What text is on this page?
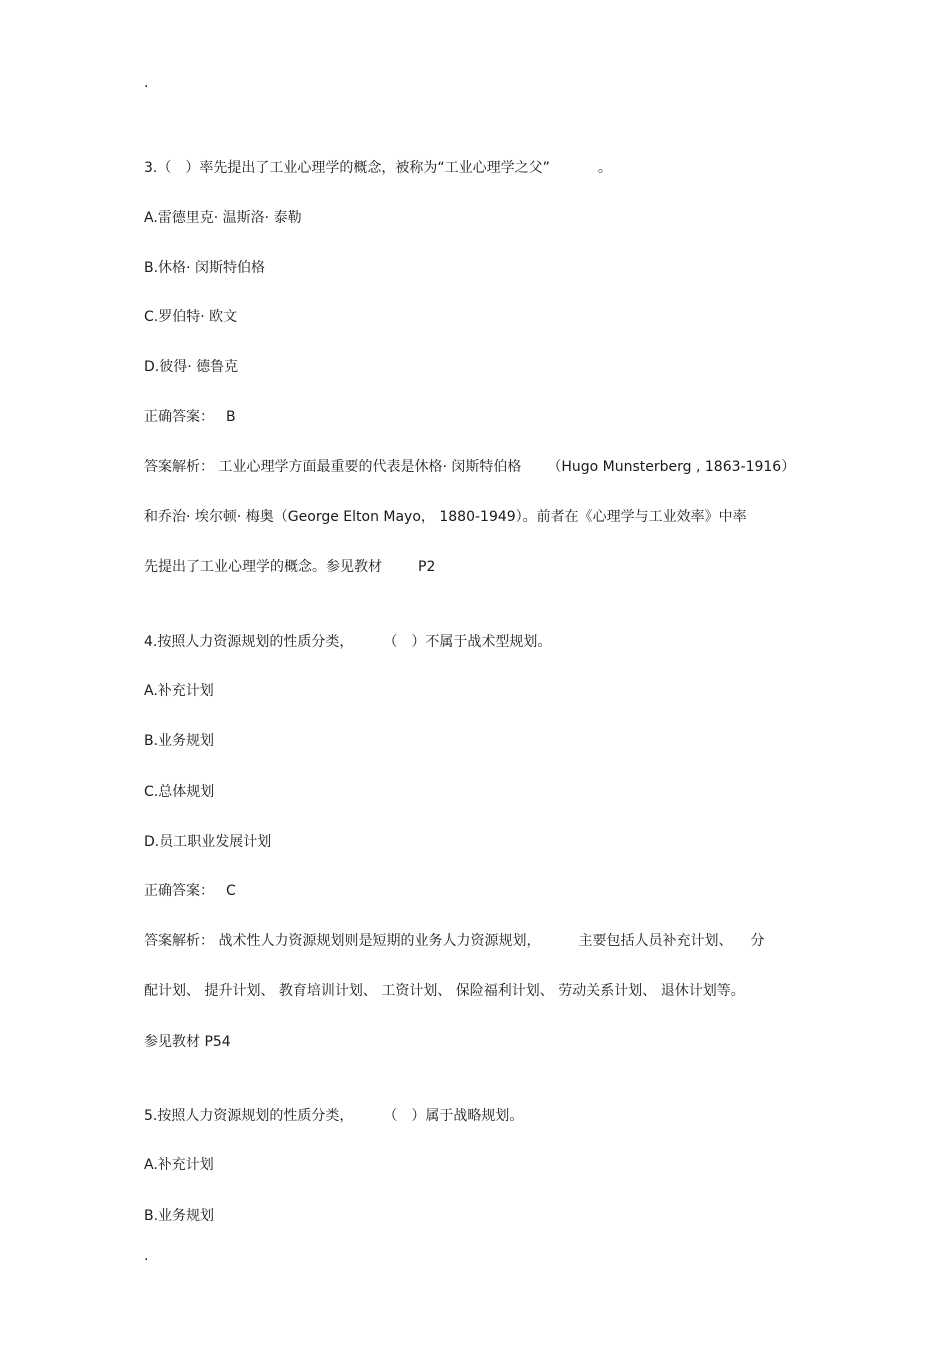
.
3.（　）率先提出了工业心理学的概念，被称为“工业心理学之父”	。
A.雷德里克· 温斯洛· 泰勒
B.休格· 闵斯特伯格
C.罗伯特· 欧文
D.彼得· 德鲁克
正确答案： B
答案解析： 工业心理学方面最重要的代表是休格· 闵斯特伯格 （Hugo Munsterberg , 1863-1916）
和乔治· 埃尔顿· 梅奥（George Elton Mayo， 1880-1949）。前者在《心理学与工业效率》中率
先提出了工业心理学的概念。参见教材	P2
4.按照人力资源规划的性质分类， （　）不属于战术型规划。
A.补充计划
B.业务规划
C.总体规划
D.员工职业发展计划
正确答案： C
答案解析： 战术性人力资源规划则是短期的业务人力资源规划，	主要包括人员补充计划、 分
配计划、 提升计划、 教育培训计划、 工资计划、 保险福利计划、 劳动关系计划、 退休计划等。
参见教材 P54
5.按照人力资源规划的性质分类， （　）属于战略规划。
A.补充计划
B.业务规划
.
